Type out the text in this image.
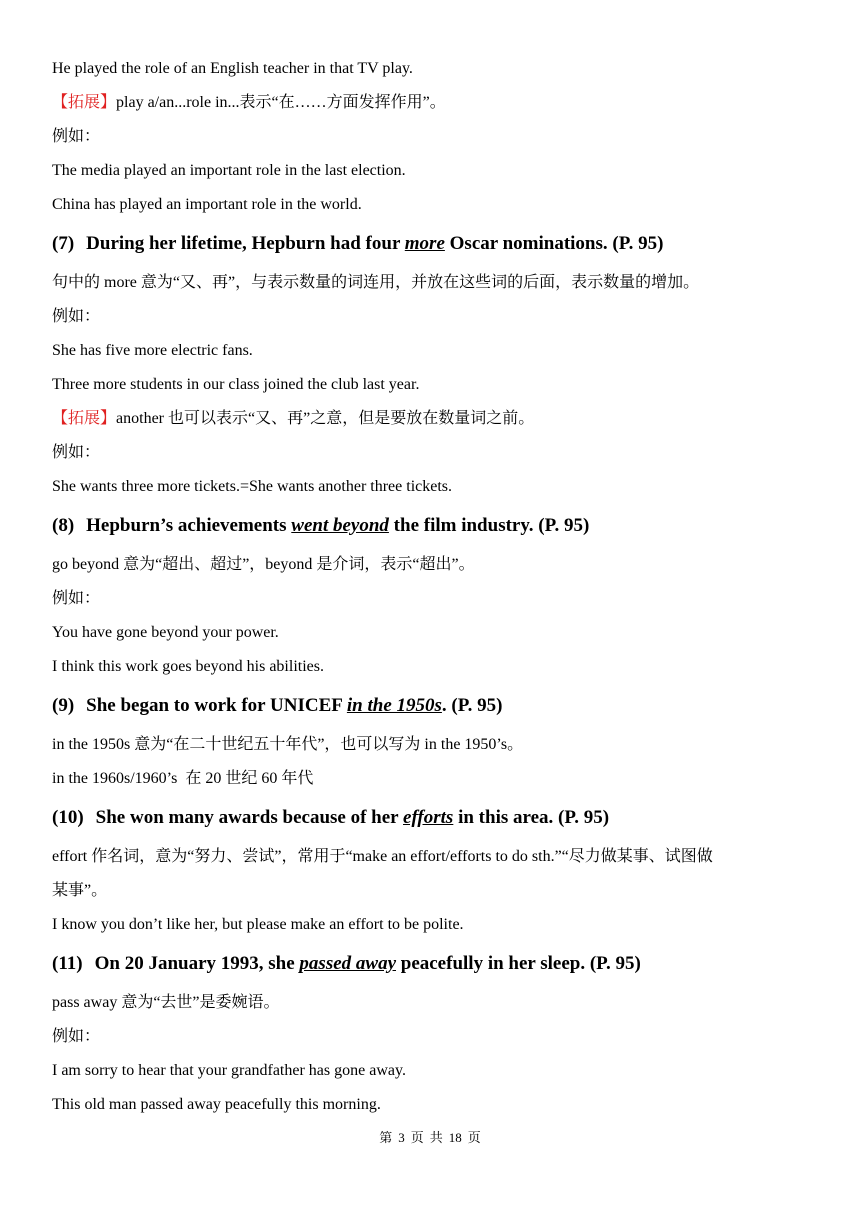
He played the role of an English teacher in that TV play.
【拓展】play a/an...role in...表示“在……方面发挥作用”。
例如：
The media played an important role in the last election.
China has played an important role in the world.
(7) During her lifetime, Hepburn had four more Oscar nominations. (P. 95)
句中的 more 意为“又、再”，与表示数量的词连用，并放在这些词的后面，表示数量的增加。
例如：
She has five more electric fans.
Three more students in our class joined the club last year.
【拓展】another 也可以表示“又、再”之意，但是要放在数量词之前。
例如：
She wants three more tickets.=She wants another three tickets.
(8) Hepburn’s achievements went beyond the film industry. (P. 95)
go beyond 意为“超出、超过”，beyond 是介词，表示“超出”。
例如：
You have gone beyond your power.
I think this work goes beyond his abilities.
(9) She began to work for UNICEF in the 1950s. (P. 95)
in the 1950s 意为“在二十世纪五十年代”，也可以写为 in the 1950’s。
in the 1960s/1960’s  在 20 世纪 60 年代
(10) She won many awards because of her efforts in this area. (P. 95)
effort 作名词，意为“努力、尝试”，常用于“make an effort/efforts to do sth.”“尽力做某事、试图做
某事”。
I know you don’t like her, but please make an effort to be polite.
(11) On 20 January 1993, she passed away peacefully in her sleep. (P. 95)
pass away 意为“去世”是委婉语。
例如：
I am sorry to hear that your grandfather has gone away.
This old man passed away peacefully this morning.
第 3 页 共 18 页
